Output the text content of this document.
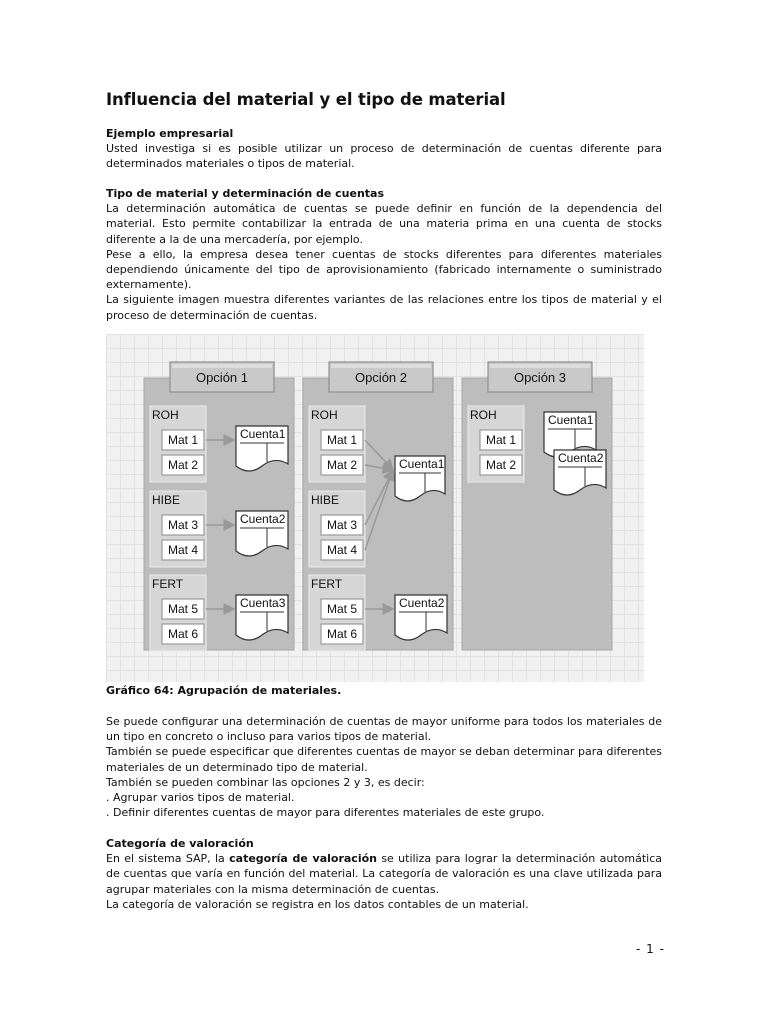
Influencia del material y el tipo de material

Ejemplo empresarial

Usted investiga si es posible utilizar un proceso de determinación de cuentas diferente para determinados materiales o tipos de material.

Tipo de material y determinación de cuentas

La determinación automática de cuentas se puede definir en función de la dependencia del material. Esto permite contabilizar la entrada de una materia prima en una cuenta de stocks diferente a la de una mercadería, por ejemplo.

Pese a ello, la empresa desea tener cuentas de stocks diferentes para diferentes materiales dependiendo únicamente del tipo de aprovisionamiento (fabricado internamente o suministrado externamente).

La siguiente imagen muestra diferentes variantes de las relaciones entre los tipos de material y el proceso de determinación de cuentas.

Opción 1
ROH
Mat 1
Mat 2
Cuenta1
HIBE
Mat 3
Mat 4
Cuenta2
FERT
Mat 5
Mat 6
Cuenta3
Opción 2
ROH
Mat 1
Mat 2
HIBE
Mat 3
Mat 4
FERT
Mat 5
Mat 6
Cuenta1
Cuenta2
Opción 3
ROH
Mat 1
Mat 2
Cuenta1
Cuenta2
Gráfico 64: Agrupación de materiales.

Se puede configurar una determinación de cuentas de mayor uniforme para todos los materiales de un tipo en concreto o incluso para varios tipos de material.

También se puede especificar que diferentes cuentas de mayor se deban determinar para diferentes materiales de un determinado tipo de material.

También se pueden combinar las opciones 2 y 3, es decir:

. Agrupar varios tipos de material.

. Definir diferentes cuentas de mayor para diferentes materiales de este grupo.

Categoría de valoración

En el sistema SAP, la categoría de valoración se utiliza para lograr la determinación automática de cuentas que varía en función del material. La categoría de valoración es una clave utilizada para agrupar materiales con la misma determinación de cuentas.

La categoría de valoración se registra en los datos contables de un material.

- 1 -
